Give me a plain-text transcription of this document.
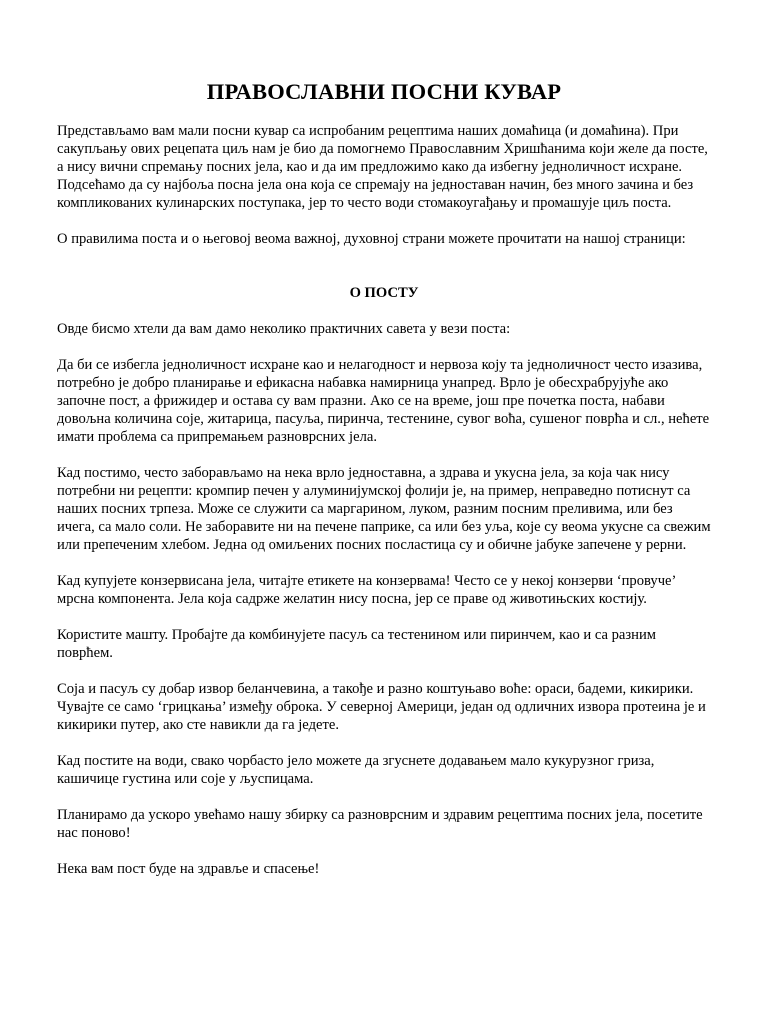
ПРАВОСЛАВНИ ПОСНИ КУВАР

Представљамо вам мали посни кувар са испробаним рецептима наших домаћица (и домаћина). При сакупљању ових рецепата циљ нам је био да помогнемо Православним Хришћанима који желе да посте, а нису вични спремању посних јела, као и да им предложимо како да избегну једноличност исхране. Подсећамо да су најбоља посна јела она која се спремају на једноставан начин, без много зачина и без компликованих кулинарских поступака, јер то често води стомакоугађању и промашује циљ поста.

О правилима поста и о његовој веома важној, духовној страни можете прочитати на нашој страници:

О ПОСТУ

Овде бисмо хтели да вам дамо неколико практичних савета у вези поста:

Да би се избегла једноличност исхране као и нелагодност и нервоза коју та једноличност често изазива, потребно је добро планирање и ефикасна набавка намирница унапред. Врло је обесхрабрујуће ако започне пост, а фрижидер и остава су вам празни. Ако се на време, још пре почетка поста, набави довољна количина соје, житарица, пасуља, пиринча, тестенине, сувог воћа, сушеног поврћа и сл., нећете имати проблема са припремањем разноврсних јела.

Кад постимо, често заборављамо на нека врло једноставна, а здрава и укусна јела, за која чак нису потребни ни рецепти: кромпир печен у алуминијумској фолији је, на пример, неправедно потиснут са наших посних трпеза. Може се служити са маргарином, луком, разним посним преливима, или без ичега, са мало соли. Не заборавите ни на печене паприке, са или без уља, које су веома укусне са свежим или препеченим хлебом. Једна од омиљених посних посластица су и обичне јабуке запечене у рерни.

Кад купујете конзервисана јела, читајте етикете на конзервама! Често се у некој конзерви ‘провуче’ мрсна компонента. Јела која садрже желатин нису посна, јер се праве од животињских костију.

Користите машту. Пробајте да комбинујете пасуљ са тестенином или пиринчем, као и са разним поврћем.

Соја и пасуљ су добар извор беланчевина, а такође и разно коштуњаво воће: ораси, бадеми, кикирики. Чувајте се само ‘грицкања’ између оброка. У северној Америци, један од одличних извора протеина је и кикирики путер, ако сте навикли да га једете.

Кад постите на води, свако чорбасто јело можете да згуснете додавањем мало кукурузног гриза, кашичице густина или соје у љуспицама.

Планирамо да ускоро увећамо нашу збирку са разноврсним и здравим рецептима посних јела, посетите нас поново!

Нека вам пост буде на здравље и спасење!
